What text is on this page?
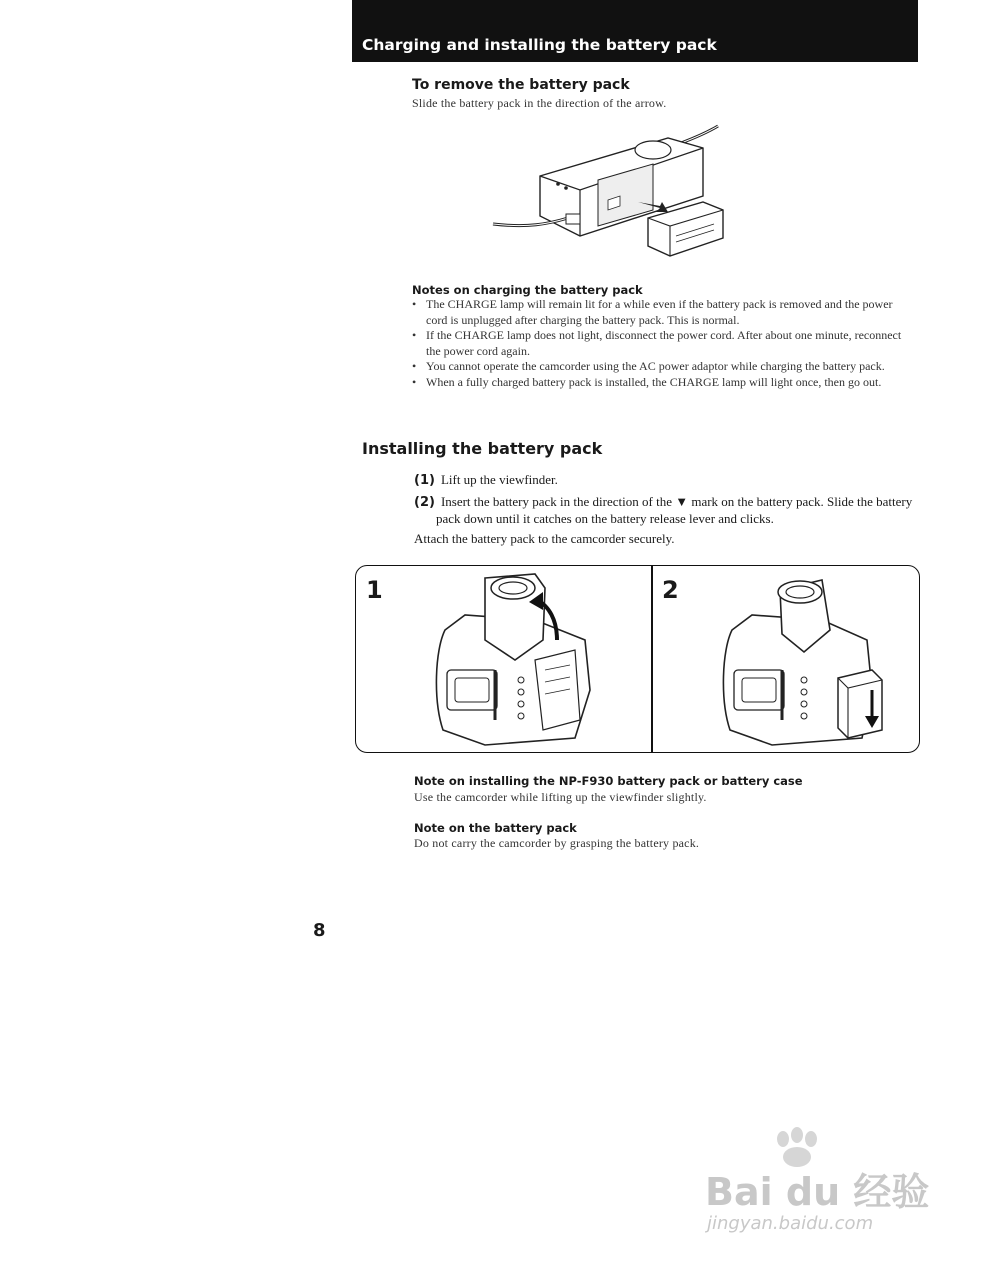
Charging and installing the battery pack
To remove the battery pack
Slide the battery pack in the direction of the arrow.
Notes on charging the battery pack
• The CHARGE lamp will remain lit for a while even if the battery pack is removed and the power cord is unplugged after charging the battery pack. This is normal.
• If the CHARGE lamp does not light, disconnect the power cord. After about one minute, reconnect the power cord again.
• You cannot operate the camcorder using the AC power adaptor while charging the battery pack.
• When a fully charged battery pack is installed, the CHARGE lamp will light once, then go out.
Installing the battery pack
(1) Lift up the viewfinder.
(2) Insert the battery pack in the direction of the ▼ mark on the battery pack. Slide the battery pack down until it catches on the battery release lever and clicks.
Attach the battery pack to the camcorder securely.
1	2
Note on installing the NP-F930 battery pack or battery case
Use the camcorder while lifting up the viewfinder slightly.
Note on the battery pack
Do not carry the camcorder by grasping the battery pack.
8
Bai du 经验
jingyan.baidu.com
